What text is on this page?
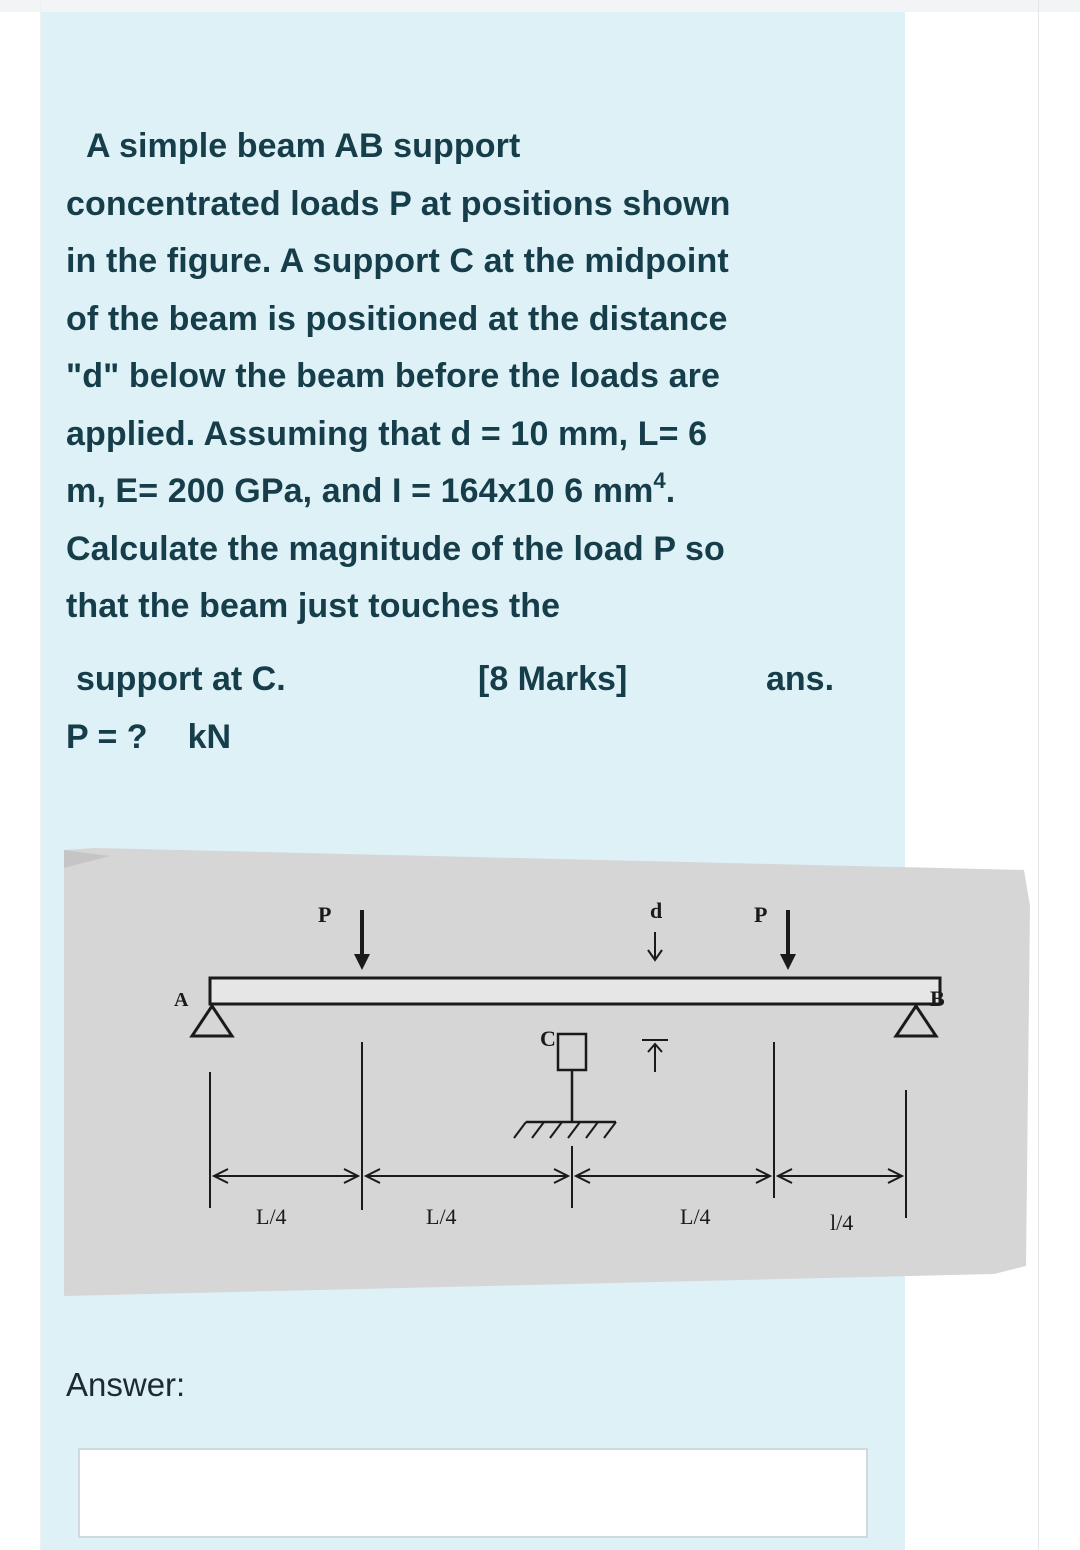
A simple beam AB support
concentrated loads P at positions shown
in the figure. A support C at the midpoint
of the beam is positioned at the distance
"d" below the beam before the loads are
applied. Assuming that d = 10 mm, L= 6
m, E= 200 GPa, and I = 164x10 6 $mm^4$.
Calculate the magnitude of the load P so
that the beam just touches the
support at C.	[8 Marks]	ans.
P = ? kN
A	B
P	P
d
C
L/4	L/4	L/4	l/4
Answer:
